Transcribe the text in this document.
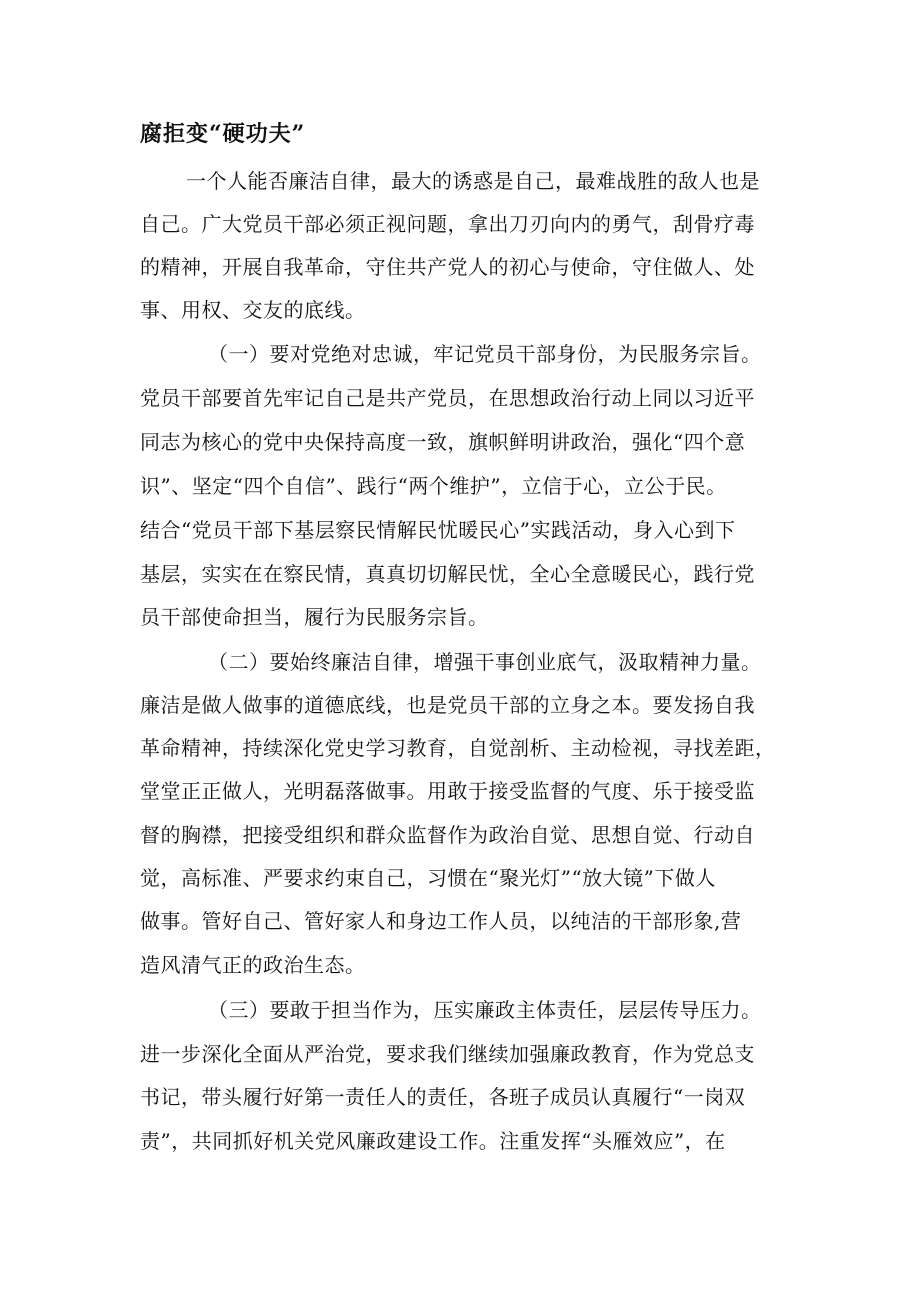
腐拒变“硬功夫”
一个人能否廉洁自律，最大的诱惑是自己，最难战胜的敌人也是
自己。广大党员干部必须正视问题，拿出刀刃向内的勇气，刮骨疗毒
的精神，开展自我革命，守住共产党人的初心与使命，守住做人、处
事、用权、交友的底线。
（一）要对党绝对忠诚，牢记党员干部身份，为民服务宗旨。
党员干部要首先牢记自己是共产党员，在思想政治行动上同以习近平
同志为核心的党中央保持高度一致，旗帜鲜明讲政治，强化“四个意
识”、坚定“四个自信”、践行“两个维护”，立信于心，立公于民。
结合“党员干部下基层察民情解民忧暖民心”实践活动，身入心到下
基层，实实在在察民情，真真切切解民忧，全心全意暖民心，践行党
员干部使命担当，履行为民服务宗旨。
（二）要始终廉洁自律，增强干事创业底气，汲取精神力量。
廉洁是做人做事的道德底线，也是党员干部的立身之本。要发扬自我
革命精神，持续深化党史学习教育，自觉剖析、主动检视，寻找差距，
堂堂正正做人，光明磊落做事。用敢于接受监督的气度、乐于接受监
督的胸襟，把接受组织和群众监督作为政治自觉、思想自觉、行动自
觉，高标准、严要求约束自己，习惯在“聚光灯”“放大镜”下做人
做事。管好自己、管好家人和身边工作人员，以纯洁的干部形象,营
造风清气正的政治生态。
（三）要敢于担当作为，压实廉政主体责任，层层传导压力。
进一步深化全面从严治党，要求我们继续加强廉政教育，作为党总支
书记，带头履行好第一责任人的责任，各班子成员认真履行“一岗双
责”，共同抓好机关党风廉政建设工作。注重发挥“头雁效应”，在
